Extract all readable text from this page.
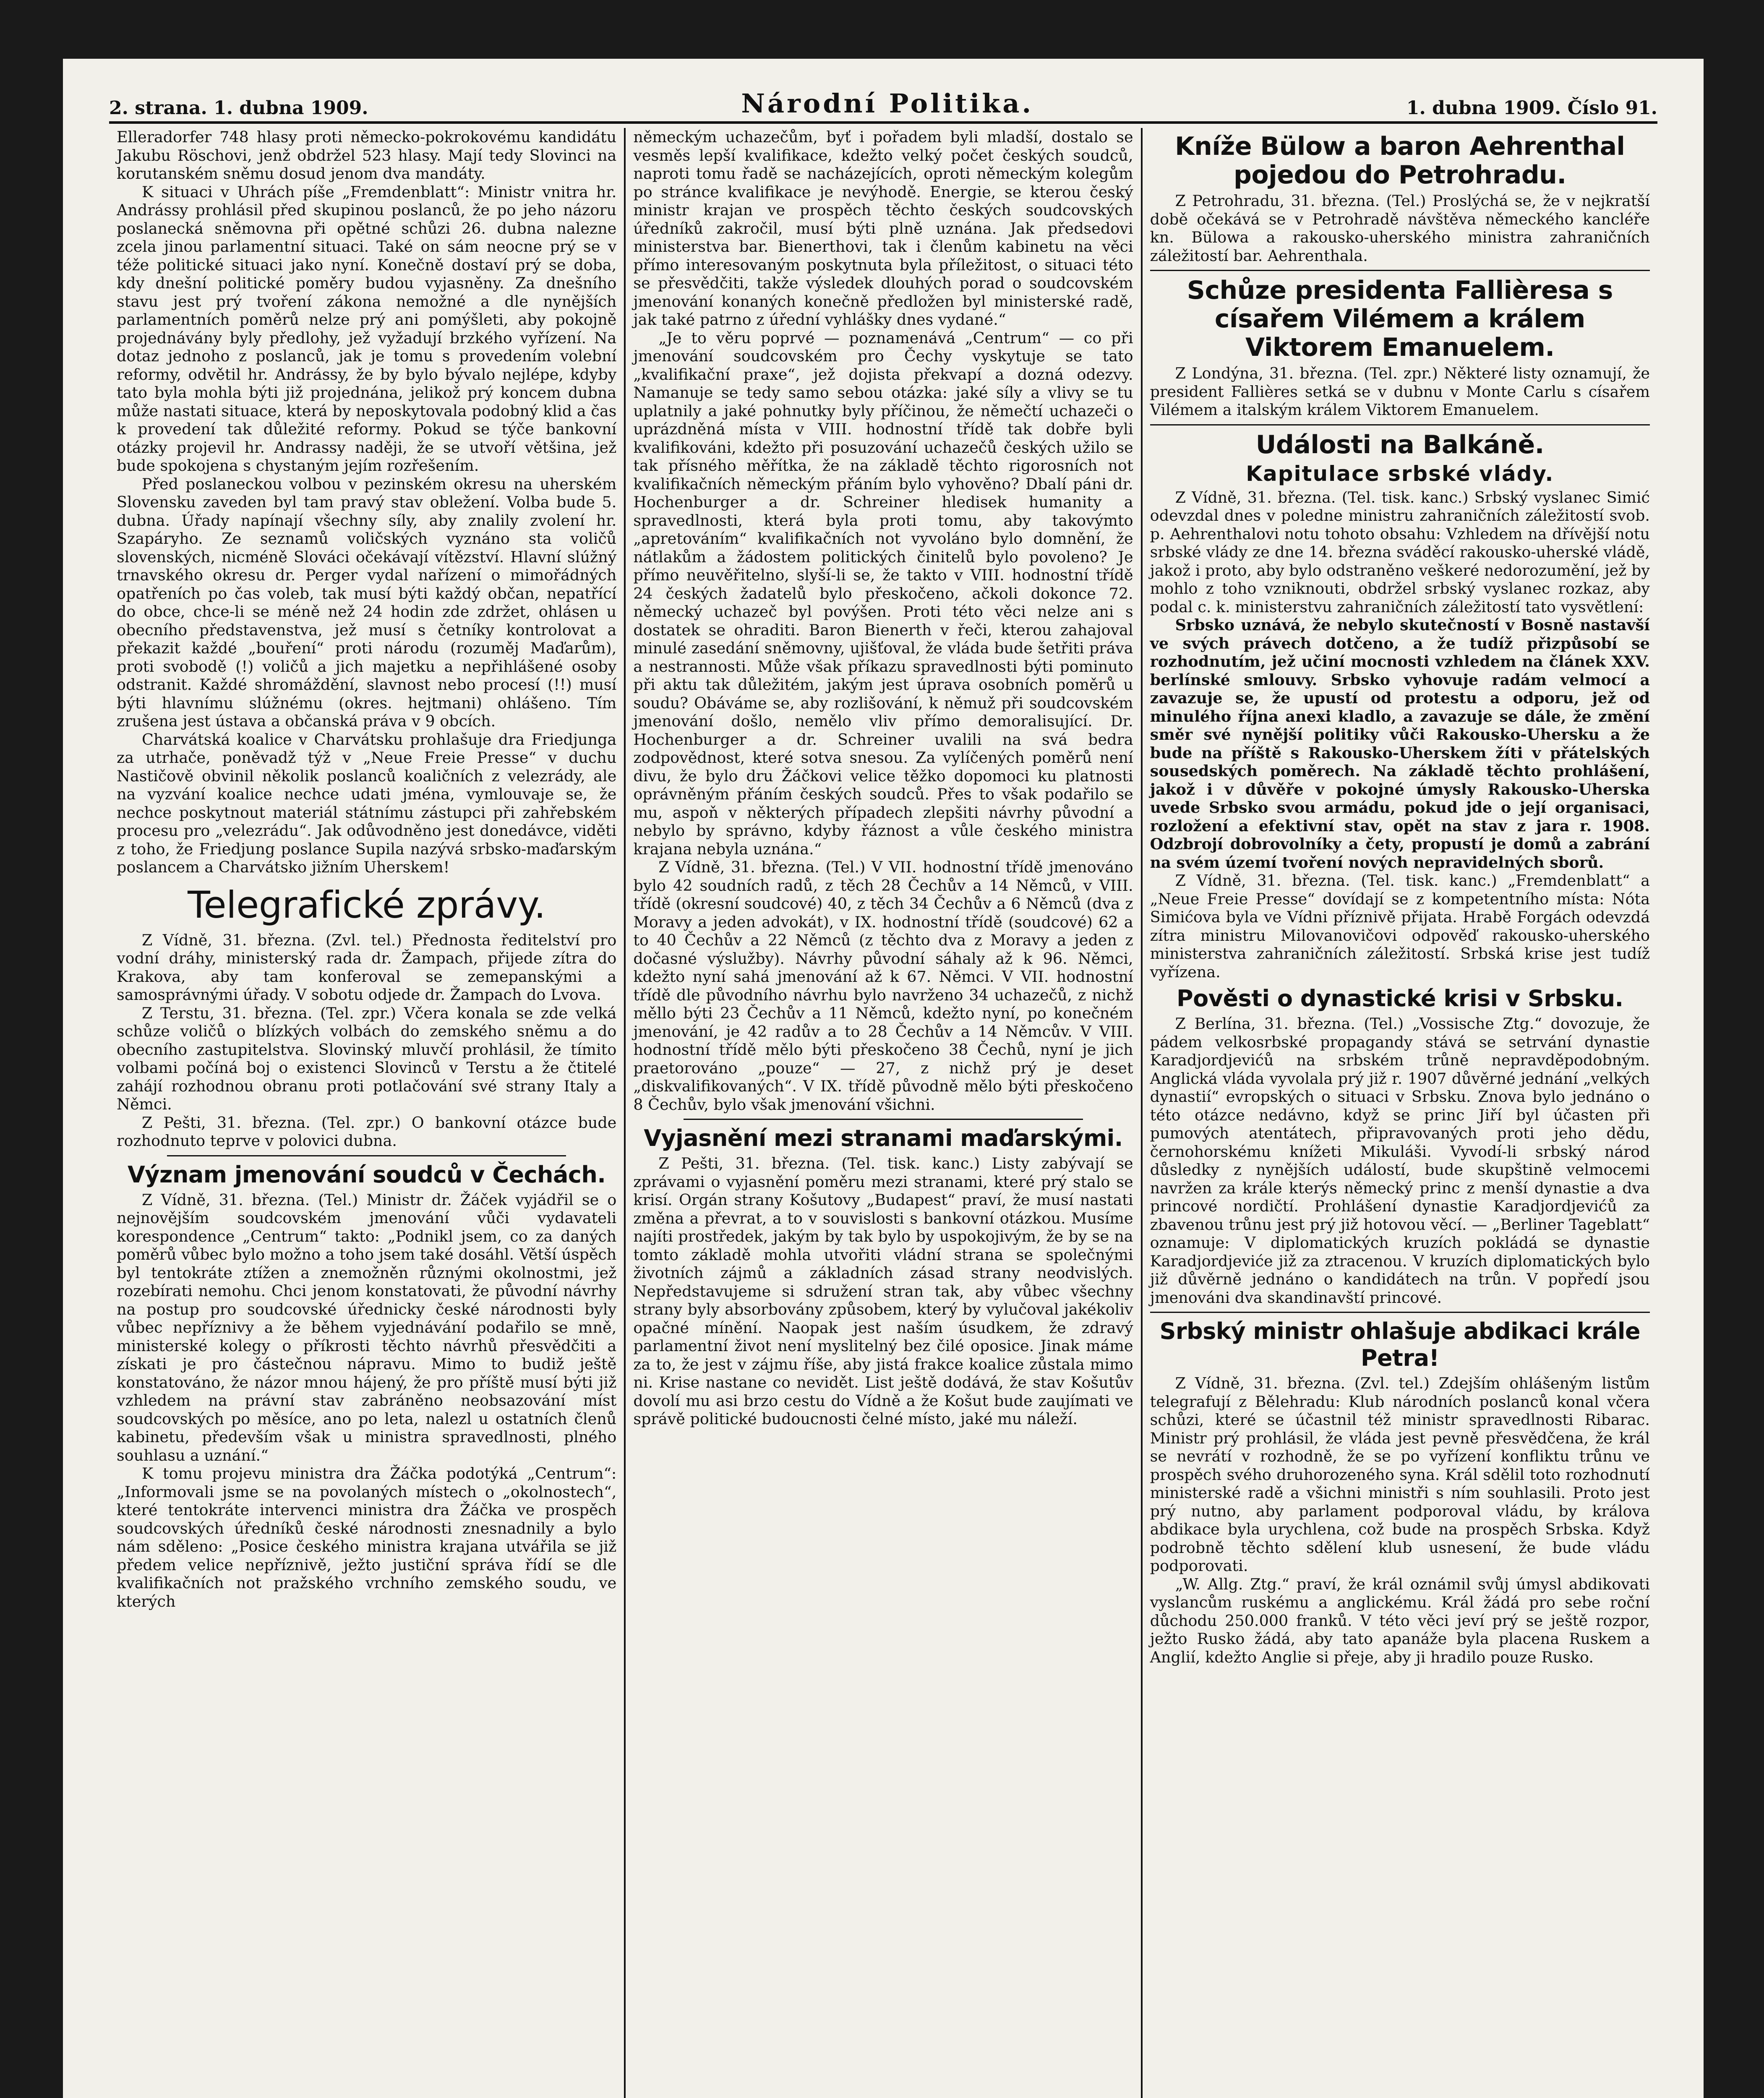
2. strana. 1. dubna 1909.	Národní Politika.	1. dubna 1909. Číslo 91.

Elleradorfer 748 hlasy proti německo-pokrokovému kandidátu Jakubu Röschovi, jenž obdržel 523 hlasy. Mají tedy Slovinci na korutanském sněmu dosud jenom dva mandáty.

K situaci v Uhrách píše „Fremdenblatt“: Ministr vnitra hr. Andrássy prohlásil před skupinou poslanců, že po jeho názoru poslanecká sněmovna při opětné schůzi 26. dubna nalezne zcela jinou parlamentní situaci. Také on sám neocne prý se v téže politické situaci jako nyní. Konečně dostaví prý se doba, kdy dnešní politické poměry budou vyjasněny. Za dnešního stavu jest prý tvoření zákona nemožné a dle nynějších parlamentních poměrů nelze prý ani pomýšleti, aby pokojně projednávány byly předlohy, jež vyžadují brzkého vyřízení. Na dotaz jednoho z poslanců, jak je tomu s provedením volební reformy, odvětil hr. Andrássy, že by bylo bývalo nejlépe, kdyby tato byla mohla býti již projednána, jelikož prý koncem dubna může nastati situace, která by neposkytovala podobný klid a čas k provedení tak důležité reformy. Pokud se týče bankovní otázky projevil hr. Andrassy naději, že se utvoří většina, jež bude spokojena s chystaným jejím rozřešením.

Před poslaneckou volbou v pezinském okresu na uherském Slovensku zaveden byl tam pravý stav obležení. Volba bude 5. dubna. Úřady napínají všechny síly, aby znalily zvolení hr. Szapáryho. Ze seznamů voličských vyznáno sta voličů slovenských, nicméně Slováci očekávají vítězství. Hlavní slúžný trnavského okresu dr. Perger vydal nařízení o mimořádných opatřeních po čas voleb, tak musí býti každý občan, nepatřící do obce, chce-li se méně než 24 hodin zde zdržet, ohlásen u obecního představenstva, jež musí s četníky kontrolovat a překazit každé „bouření“ proti národu (rozuměj Maďarům), proti svobodě (!) voličů a jich majetku a nepřihlášené osoby odstranit. Každé shromáždění, slavnost nebo procesí (!!) musí býti hlavnímu slúžnému (okres. hejtmani) ohlášeno. Tím zrušena jest ústava a občanská práva v 9 obcích.

Charvátská koalice v Charvátsku prohlašuje dra Friedjunga za utrhače, poněvadž týž v „Neue Freie Presse“ v duchu Nastičově obvinil několik poslanců koaličních z velezrády, ale na vyzvání koalice nechce udati jména, vymlouvaje se, že nechce poskytnout materiál státnímu zástupci při zahřebském procesu pro „velezrádu“. Jak odůvodněno jest donedávce, viděti z toho, že Friedjung poslance Supila nazývá srbsko-maďarským poslancem a Charvátsko jižním Uherskem!

Telegrafické zprávy.

Z Vídně, 31. března. (Zvl. tel.) Přednosta ředitelství pro vodní dráhy, ministerský rada dr. Žampach, přijede zítra do Krakova, aby tam konferoval se zemepanskými a samosprávnými úřady. V sobotu odjede dr. Žampach do Lvova.

Z Terstu, 31. března. (Tel. zpr.) Včera konala se zde velká schůze voličů o blízkých volbách do zemského sněmu a do obecního zastupitelstva. Slovinský mluvčí prohlásil, že tímito volbami počíná boj o existenci Slovinců v Terstu a že čtitelé zahájí rozhodnou obranu proti potlačování své strany Italy a Němci.

Z Pešti, 31. března. (Tel. zpr.) O bankovní otázce bude rozhodnuto teprve v polovici dubna.

Význam jmenování soudců v Čechách.

Z Vídně, 31. března. (Tel.) Ministr dr. Žáček vyjádřil se o nejnovějším soudcovském jmenování vůči vydavateli korespondence „Centrum“ takto: „Podnikl jsem, co za daných poměrů vůbec bylo možno a toho jsem také dosáhl. Větší úspěch byl tentokráte ztížen a znemožněn různými okolnostmi, jež rozebírati nemohu. Chci jenom konstatovati, že původní návrhy na postup pro soudcovské úřednicky české národnosti byly vůbec nepříznivy a že během vyjednávání podařilo se mně, ministerské kolegy o příkrosti těchto návrhů přesvědčiti a získati je pro částečnou nápravu. Mimo to budiž ještě konstatováno, že názor mnou hájený, že pro příště musí býti již vzhledem na právní stav zabráněno neobsazování míst soudcovských po měsíce, ano po leta, nalezl u ostatních členů kabinetu, především však u ministra spravedlnosti, plného souhlasu a uznání.“

K tomu projevu ministra dra Žáčka podotýká „Centrum“: „Informovali jsme se na povolaných místech o „okolnostech“, které tentokráte intervenci ministra dra Žáčka ve prospěch soudcovských úředníků české národnosti znesnadnily a bylo nám sděleno: „Posice českého ministra krajana utvářila se již předem velice nepříznivě, ježto justiční správa řídí se dle kvalifikačních not pražského vrchního zemského soudu, ve kterých

německým uchazečům, byť i pořadem byli mladší, dostalo se vesměs lepší kvalifikace, kdežto velký počet českých soudců, naproti tomu řadě se nacházejících, oproti německým kolegům po stránce kvalifikace je nevýhodě. Energie, se kterou český ministr krajan ve prospěch těchto českých soudcovských úředníků zakročil, musí býti plně uznána. Jak předsedovi ministerstva bar. Bienerthovi, tak i členům kabinetu na věci přímo interesovaným poskytnuta byla příležitost, o situaci této se přesvědčiti, takže výsledek dlouhých porad o soudcovském jmenování konaných konečně předložen byl ministerské radě, jak také patrno z úřední vyhlášky dnes vydané.“

„Je to věru poprvé — poznamenává „Centrum“ — co při jmenování soudcovském pro Čechy vyskytuje se tato „kvalifikační praxe“, jež dojista překvapí a dozná odezvy. Namanuje se tedy samo sebou otázka: jaké síly a vlivy se tu uplatnily a jaké pohnutky byly příčinou, že němečtí uchazeči o uprázdněná místa v VIII. hodnostní třídě tak dobře byli kvalifikováni, kdežto při posuzování uchazečů českých užilo se tak přísného měřítka, že na základě těchto rigorosních not kvalifikačních německým přáním bylo vyhověno? Dbalí páni dr. Hochenburger a dr. Schreiner hledisek humanity a spravedlnosti, která byla proti tomu, aby takovýmto „apretováním“ kvalifikačních not vyvoláno bylo domnění, že nátlakům a žádostem politických činitelů bylo povoleno? Je přímo neuvěřitelno, slyší-li se, že takto v VIII. hodnostní třídě 24 českých žadatelů bylo přeskočeno, ačkoli dokonce 72. německý uchazeč byl povýšen. Proti této věci nelze ani s dostatek se ohraditi. Baron Bienerth v řeči, kterou zahajoval minulé zasedání sněmovny, ujišťoval, že vláda bude šetřiti práva a nestrannosti. Může však příkazu spravedlnosti býti pominuto při aktu tak důležitém, jakým jest úprava osobních poměrů u soudu? Obáváme se, aby rozlišování, k němuž při soudcovském jmenování došlo, nemělo vliv přímo demoralisující. Dr. Hochenburger a dr. Schreiner uvalili na svá bedra zodpovědnost, které sotva snesou. Za vylíčených poměrů není divu, že bylo dru Žáčkovi velice těžko dopomoci ku platnosti oprávněným přáním českých soudců. Přes to však podařilo se mu, aspoň v některých případech zlepšiti návrhy původní a nebylo by správno, kdyby řáznost a vůle českého ministra krajana nebyla uznána.“

Z Vídně, 31. března. (Tel.) V VII. hodnostní třídě jmenováno bylo 42 soudních radů, z těch 28 Čechův a 14 Němců, v VIII. třídě (okresní soudcové) 40, z těch 34 Čechův a 6 Němců (dva z Moravy a jeden advokát), v IX. hodnostní třídě (soudcové) 62 a to 40 Čechův a 22 Němců (z těchto dva z Moravy a jeden z dočasné výslužby). Návrhy původní sáhaly až k 96. Němci, kdežto nyní sahá jmenování až k 67. Němci. V VII. hodnostní třídě dle původního návrhu bylo navrženo 34 uchazečů, z nichž měllo býti 23 Čechův a 11 Němců, kdežto nyní, po konečném jmenování, je 42 radův a to 28 Čechův a 14 Němcův. V VIII. hodnostní třídě mělo býti přeskočeno 38 Čechů, nyní je jich praetorováno „pouze“ — 27, z nichž prý je deset „diskvalifikovaných“. V IX. třídě původně mělo býti přeskočeno 8 Čechův, bylo však jmenování všichni.

Vyjasnění mezi stranami maďarskými.

Z Pešti, 31. března. (Tel. tisk. kanc.) Listy zabývají se zprávami o vyjasnění poměru mezi stranami, které prý stalo se krisí. Orgán strany Košutovy „Budapest“ praví, že musí nastati změna a převrat, a to v souvislosti s bankovní otázkou. Musíme najíti prostředek, jakým by tak bylo by uspokojivým, že by se na tomto základě mohla utvořiti vládní strana se společnými životních zájmů a základních zásad strany neodvislých. Nepředstavujeme si sdružení stran tak, aby vůbec všechny strany byly absorbovány způsobem, který by vylučoval jakékoliv opačné mínění. Naopak jest naším úsudkem, že zdravý parlamentní život není myslitelný bez čilé oposice. Jinak máme za to, že jest v zájmu říše, aby jistá frakce koalice zůstala mimo ni. Krise nastane co nevidět. List ještě dodává, že stav Košutův dovolí mu asi brzo cestu do Vídně a že Košut bude zaujímati ve správě politické budoucnosti čelné místo, jaké mu náleží.

Kníže Bülow a baron Aehrenthal pojedou do Petrohradu.

Z Petrohradu, 31. března. (Tel.) Proslýchá se, že v nejkratší době očekává se v Petrohradě návštěva německého kancléře kn. Bülowa a rakousko-uherského ministra zahraničních záležitostí bar. Aehrenthala.

Schůze presidenta Fallièresa s císařem Vilémem a králem Viktorem Emanuelem.

Z Londýna, 31. března. (Tel. zpr.) Některé listy oznamují, že president Fallières setká se v dubnu v Monte Carlu s císařem Vilémem a italským králem Viktorem Emanuelem.

Události na Balkáně.
Kapitulace srbské vlády.

Z Vídně, 31. března. (Tel. tisk. kanc.) Srbský vyslanec Simić odevzdal dnes v poledne ministru zahraničních záležitostí svob. p. Aehrenthalovi notu tohoto obsahu: Vzhledem na dřívější notu srbské vlády ze dne 14. března sváděcí rakousko-uherské vládě, jakož i proto, aby bylo odstraněno veškeré nedorozumění, jež by mohlo z toho vzniknouti, obdržel srbský vyslanec rozkaz, aby podal c. k. ministerstvu zahraničních záležitostí tato vysvětlení:

Srbsko uznává, že nebylo skutečností v Bosně nastavší ve svých právech dotčeno, a že tudíž přizpůsobí se rozhodnutím, jež učiní mocnosti vzhledem na článek XXV. berlínské smlouvy. Srbsko vyhovuje radám velmocí a zavazuje se, že upustí od protestu a odporu, jež od minulého října anexi kladlo, a zavazuje se dále, že změní směr své nynější politiky vůči Rakousko-Uhersku a že bude na příště s Rakousko-Uherskem žíti v přátelských sousedských poměrech. Na základě těchto prohlášení, jakož i v důvěře v pokojné úmysly Rakousko-Uherska uvede Srbsko svou armádu, pokud jde o její organisaci, rozložení a efektivní stav, opět na stav z jara r. 1908. Odzbrojí dobrovolníky a čety, propustí je domů a zabrání na svém území tvoření nových nepravidelných sborů.

Z Vídně, 31. března. (Tel. tisk. kanc.) „Fremdenblatt“ a „Neue Freie Presse“ dovídají se z kompetentního místa: Nóta Simićova byla ve Vídni příznivě přijata. Hrabě Forgách odevzdá zítra ministru Milovanovičovi odpověď rakousko-uherského ministerstva zahraničních záležitostí. Srbská krise jest tudíž vyřízena.

Pověsti o dynastické krisi v Srbsku.

Z Berlína, 31. března. (Tel.) „Vossische Ztg.“ dovozuje, že pádem velkosrbské propagandy stává se setrvání dynastie Karadjordjevićů na srbském trůně nepravděpodobným. Anglická vláda vyvolala prý již r. 1907 důvěrné jednání „velkých dynastií“ evropských o situaci v Srbsku. Znova bylo jednáno o této otázce nedávno, když se princ Jiří byl účasten při pumových atentátech, připravovaných proti jeho dědu, černohorskému knížeti Mikuláši. Vyvodí-li srbský národ důsledky z nynějších událostí, bude skupštině velmocemi navržen za krále kterýs německý princ z menší dynastie a dva princové nordičtí. Prohlášení dynastie Karadjordjevićů za zbavenou trůnu jest prý již hotovou věcí. — „Berliner Tageblatt“ oznamuje: V diplomatických kruzích pokládá se dynastie Karadjordjeviće již za ztracenou. V kruzích diplomatických bylo již důvěrně jednáno o kandidátech na trůn. V popředí jsou jmenováni dva skandinavští princové.

Srbský ministr ohlašuje abdikaci krále Petra!

Z Vídně, 31. března. (Zvl. tel.) Zdejším ohlášeným listům telegrafují z Bělehradu: Klub národních poslanců konal včera schůzi, které se účastnil též ministr spravedlnosti Ribarac. Ministr prý prohlásil, že vláda jest pevně přesvědčena, že král se nevrátí v rozhodně, že se po vyřízení konfliktu trůnu ve prospěch svého druhorozeného syna. Král sdělil toto rozhodnutí ministerské radě a všichni ministři s ním souhlasili. Proto jest prý nutno, aby parlament podporoval vládu, by králova abdikace byla urychlena, což bude na prospěch Srbska. Když podrobně těchto sdělení klub usnesení, že bude vládu podporovati.

„W. Allg. Ztg.“ praví, že král oznámil svůj úmysl abdikovati vyslancům ruskému a anglickému. Král žádá pro sebe roční důchodu 250.000 franků. V této věci jeví prý se ještě rozpor, ježto Rusko žádá, aby tato apanáže byla placena Ruskem a Anglií, kdežto Anglie si přeje, aby ji hradilo pouze Rusko.
